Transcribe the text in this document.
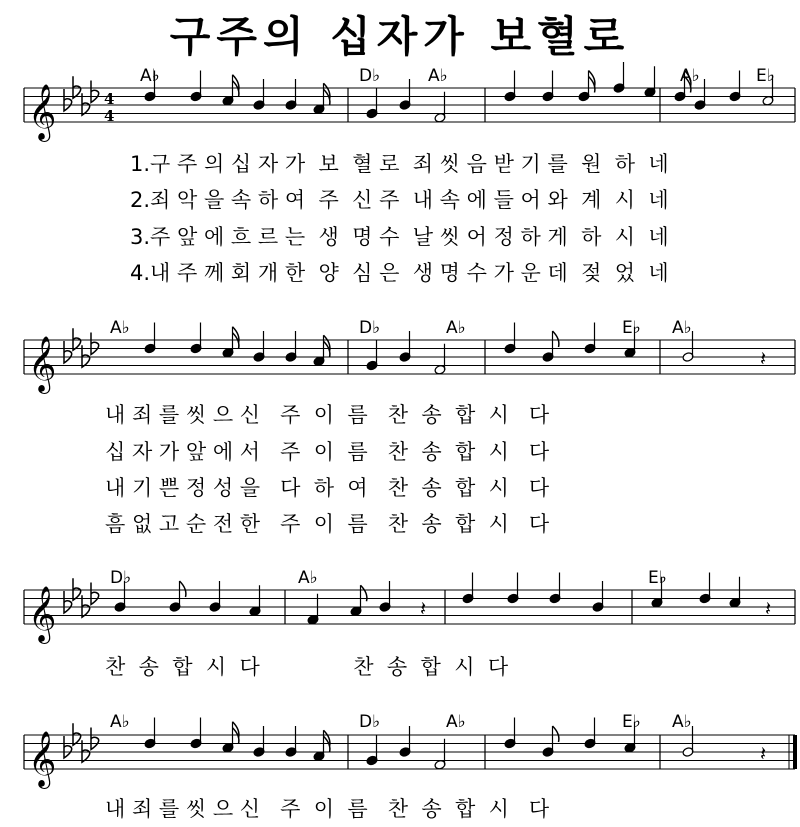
구주의 십자가 보혈로
𝄞	4
4
𝄞
𝄞
𝄞
𝄽
𝄽	𝄽
𝄽
A♭	D♭	A♭	A♭	E♭
1.구 주 의 십 자 가  보  혈 로  죄 씻 음 받 기 를  원  하  네
2.죄 악 을 속 하 여  주  신 주  내 속 에 들 어 와  계  시  네
3.주 앞 에 흐 르 는  생  명 수  날 씻 어 정 하 게  하  시  네
4.내 주 께 회 개 한  양  심 은  생 명 수 가 운 데  젖  었  네
A♭	D♭	A♭	E♭ A♭
내 죄 를 씻 으 신   주  이  름   찬  송  합  시   다
십 자 가 앞 에 서   주  이  름   찬  송  합  시   다
내 기 쁜 정 성 을   다  하  여   찬  송  합  시   다
흠 없 고 순 전 한   주  이  름   찬  송  합  시   다
D♭	A♭	E♭
찬  송  합  시  다              찬  송  합  시  다
A♭	D♭	A♭	E♭ A♭
내 죄 를 씻 으 신   주  이  름   찬  송  합  시   다
